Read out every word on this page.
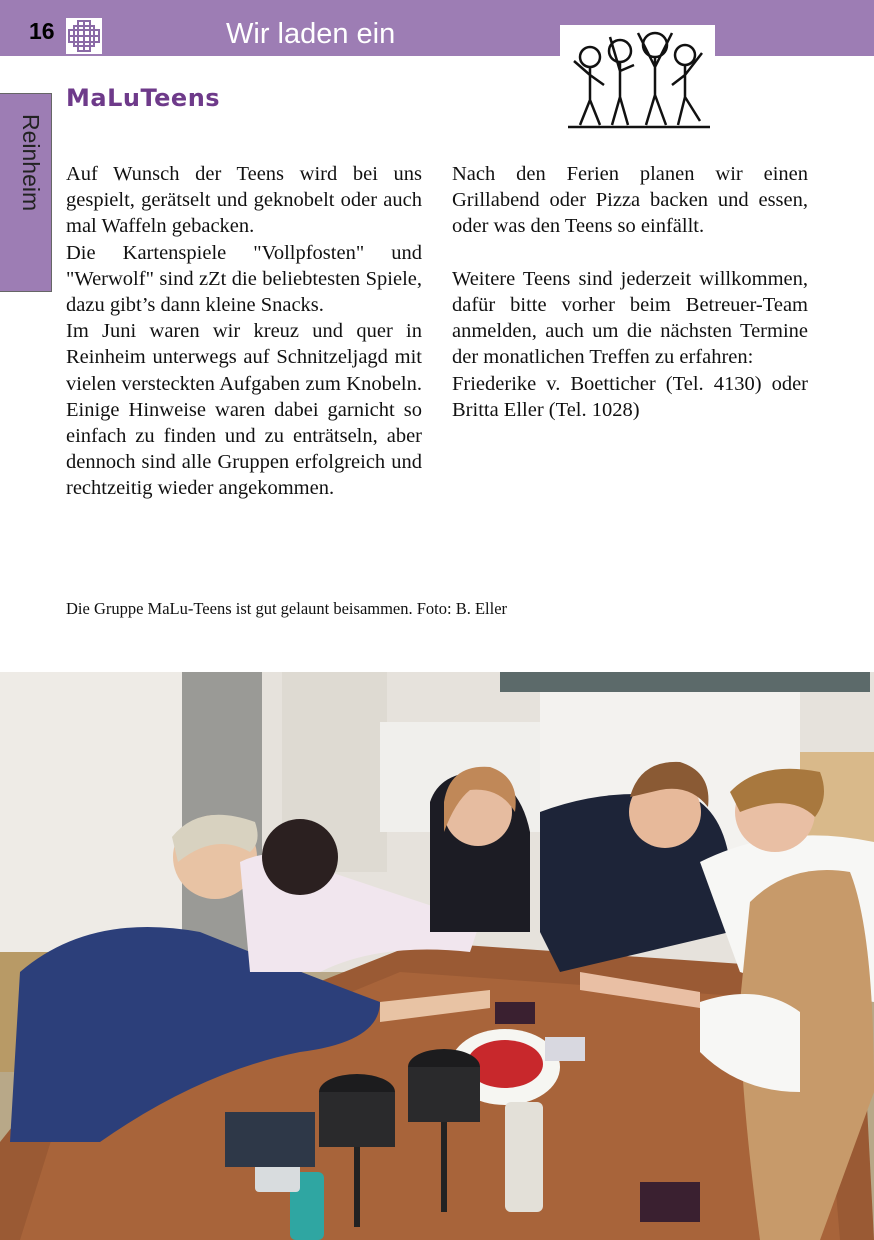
16	Wir laden ein
Reinheim
MaLuTeens

Auf Wunsch der Teens wird bei uns gespielt, gerätselt und geknobelt oder auch mal Waffeln gebacken.

Die Kartenspiele "Vollpfosten" und "Werwolf" sind zZt die beliebtesten Spiele, dazu gibt’s dann kleine Snacks.

Im Juni waren wir kreuz und quer in Reinheim unterwegs auf Schnitzeljagd mit vielen versteckten Aufgaben zum Knobeln. Einige Hinweise waren dabei garnicht so einfach zu finden und zu enträtseln, aber dennoch sind alle Gruppen erfolgreich und rechtzeitig wieder angekommen.

Nach den Ferien planen wir einen Grillabend oder Pizza backen und essen, oder was den Teens so einfällt.

Weitere Teens sind jederzeit willkommen, dafür bitte vorher beim Betreuer-Team anmelden, auch um die nächsten Termine der monatlichen Treffen zu erfahren:

Friederike v. Boetticher (Tel. 4130) oder Britta Eller (Tel. 1028)

Die Gruppe MaLu-Teens ist gut gelaunt beisammen. Foto: B. Eller
